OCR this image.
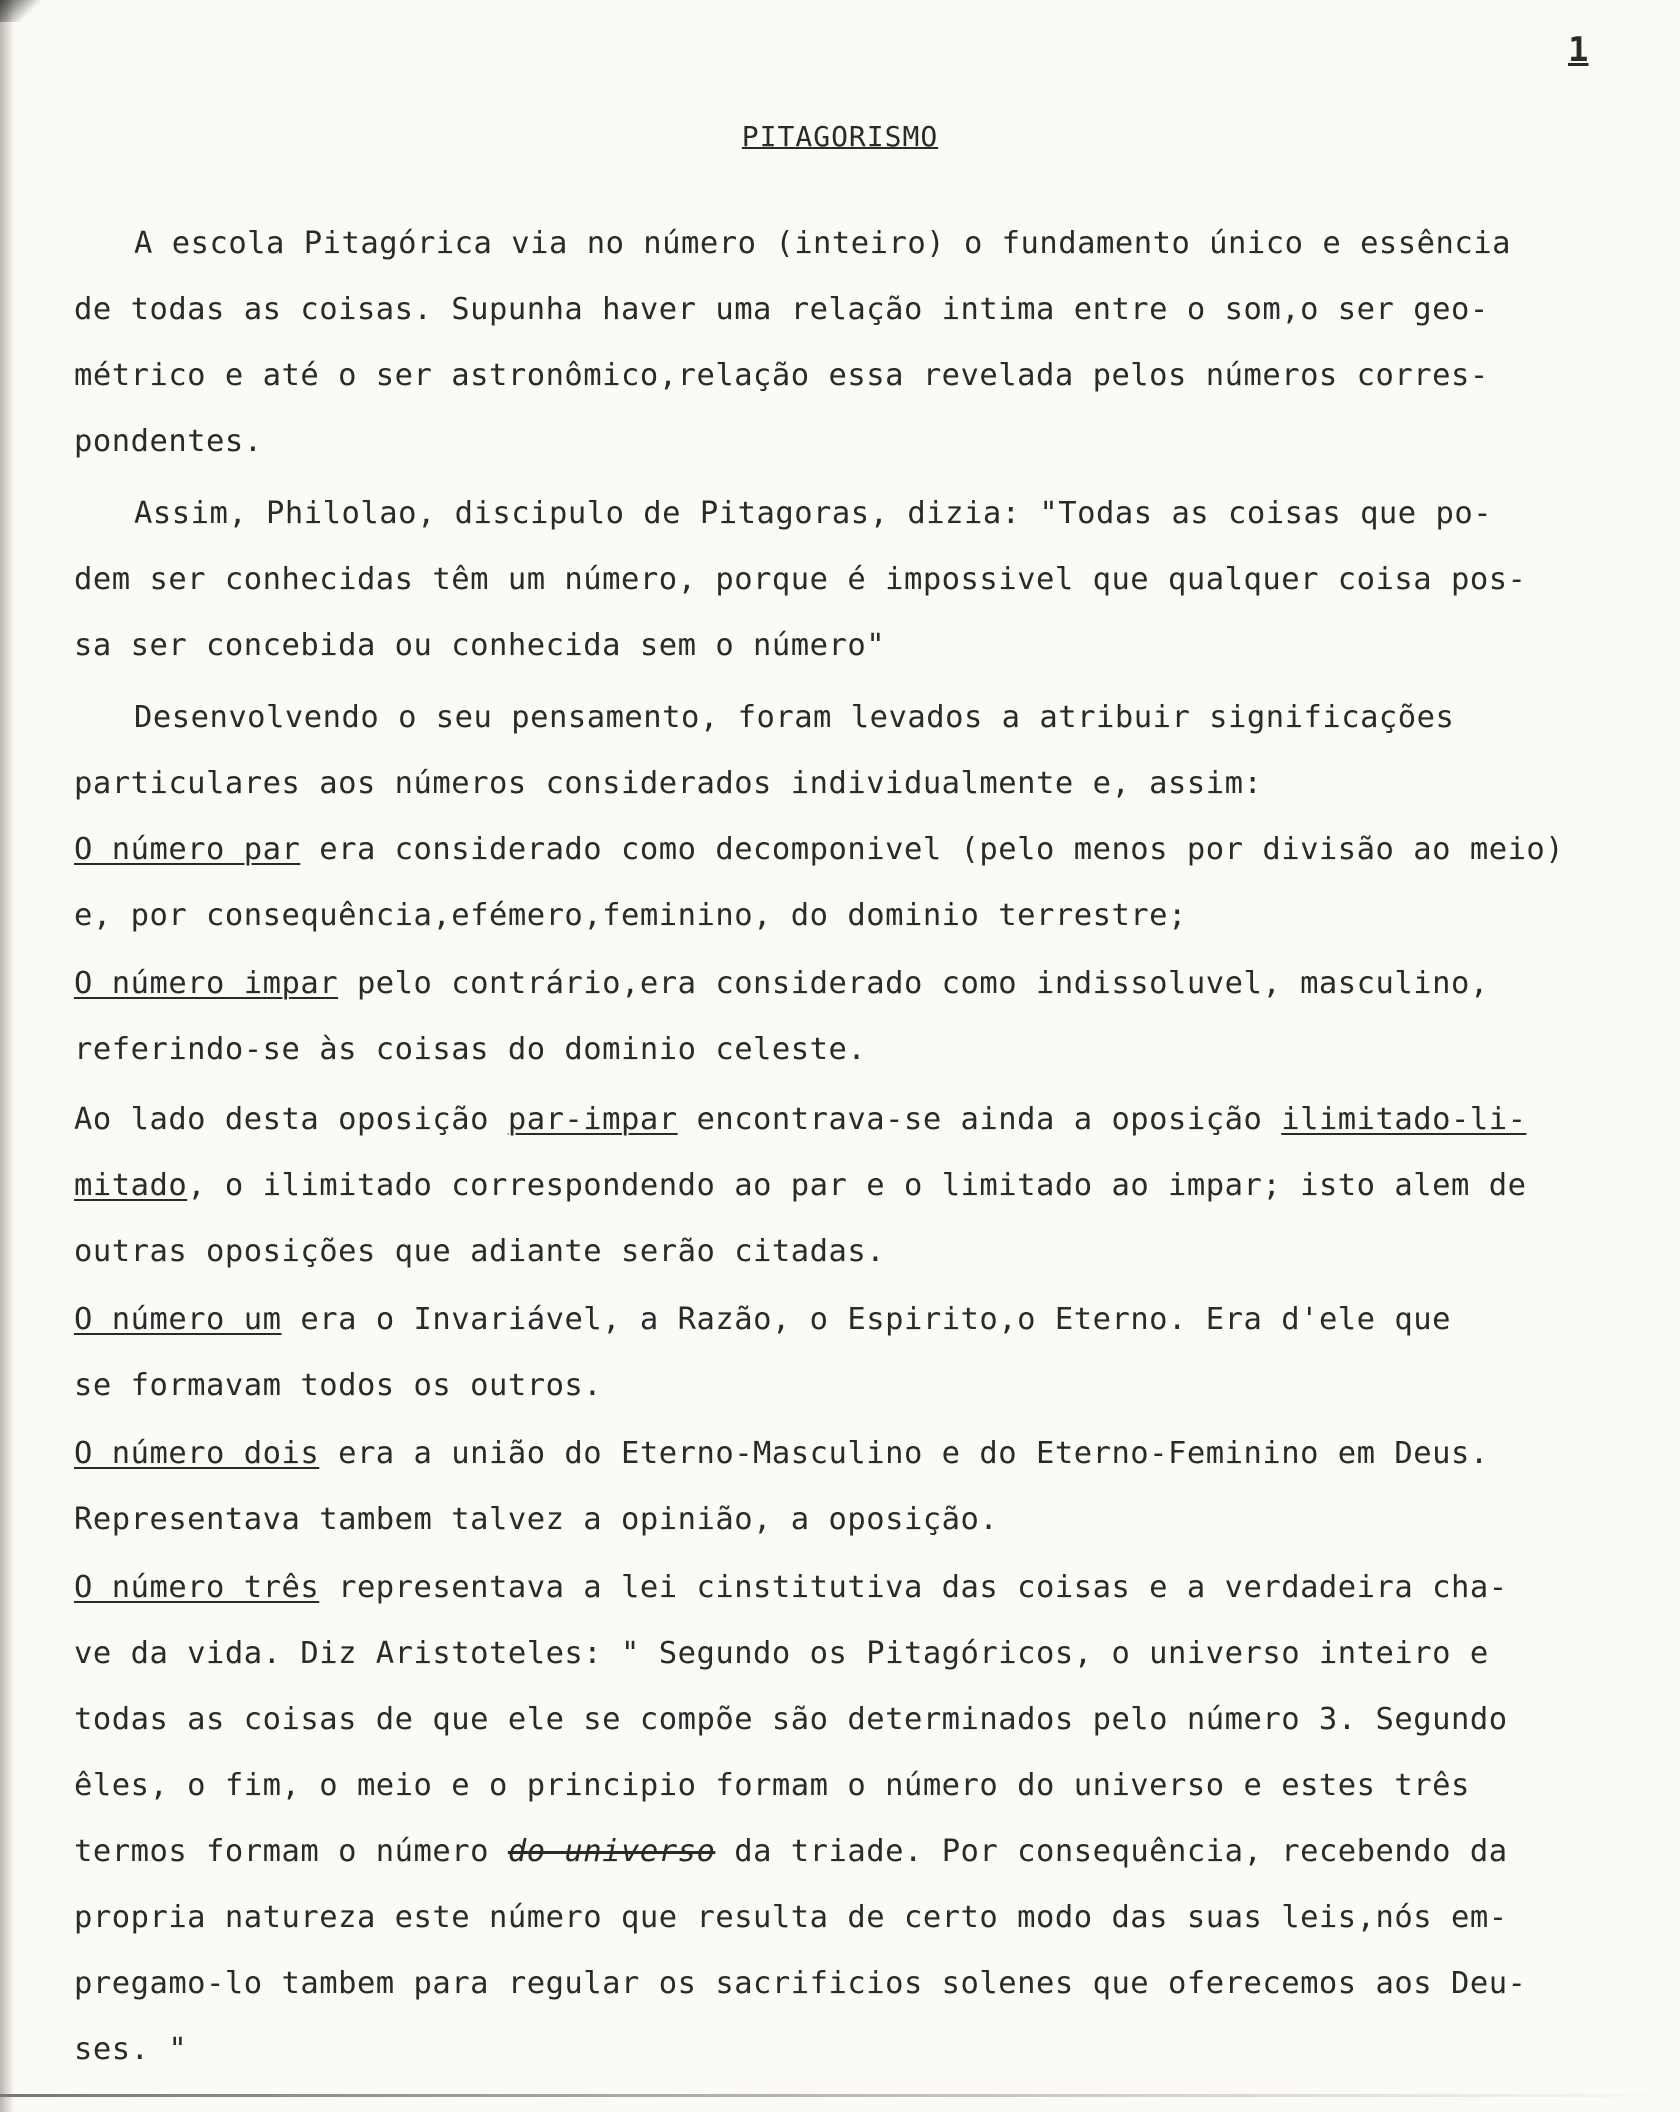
1
PITAGORISMO
A escola Pitagórica via no número (inteiro) o fundamento único e essência
de todas as coisas. Supunha haver uma relação intima entre o som,o ser geo-
métrico e até o ser astronômico,relação essa revelada pelos números corres-
pondentes.
Assim, Philolao, discipulo de Pitagoras, dizia: "Todas as coisas que po-
dem ser conhecidas têm um número, porque é impossivel que qualquer coisa pos-
sa ser concebida ou conhecida sem o número"
Desenvolvendo o seu pensamento, foram levados a atribuir significações
particulares aos números considerados individualmente e, assim:
O número par era considerado como decomponivel (pelo menos por divisão ao meio)
e, por consequência,efémero,feminino, do dominio terrestre;
O número impar pelo contrário,era considerado como indissoluvel, masculino,
referindo-se às coisas do dominio celeste.
Ao lado desta oposição par-impar encontrava-se ainda a oposição ilimitado-li-
mitado, o ilimitado correspondendo ao par e o limitado ao impar; isto alem de
outras oposições que adiante serão citadas.
O número um era o Invariável, a Razão, o Espirito,o Eterno. Era d'ele que
se formavam todos os outros.
O número dois era a união do Eterno-Masculino e do Eterno-Feminino em Deus.
Representava tambem talvez a opinião, a oposição.
O número três representava a lei cinstitutiva das coisas e a verdadeira cha-
ve da vida. Diz Aristoteles: " Segundo os Pitagóricos, o universo inteiro e
todas as coisas de que ele se compõe são determinados pelo número 3. Segundo
êles, o fim, o meio e o principio formam o número do universo e estes três
termos formam o número do universo da triade. Por consequência, recebendo da
propria natureza este número que resulta de certo modo das suas leis,nós em-
pregamo-lo tambem para regular os sacrificios solenes que oferecemos aos Deu-
ses. "
